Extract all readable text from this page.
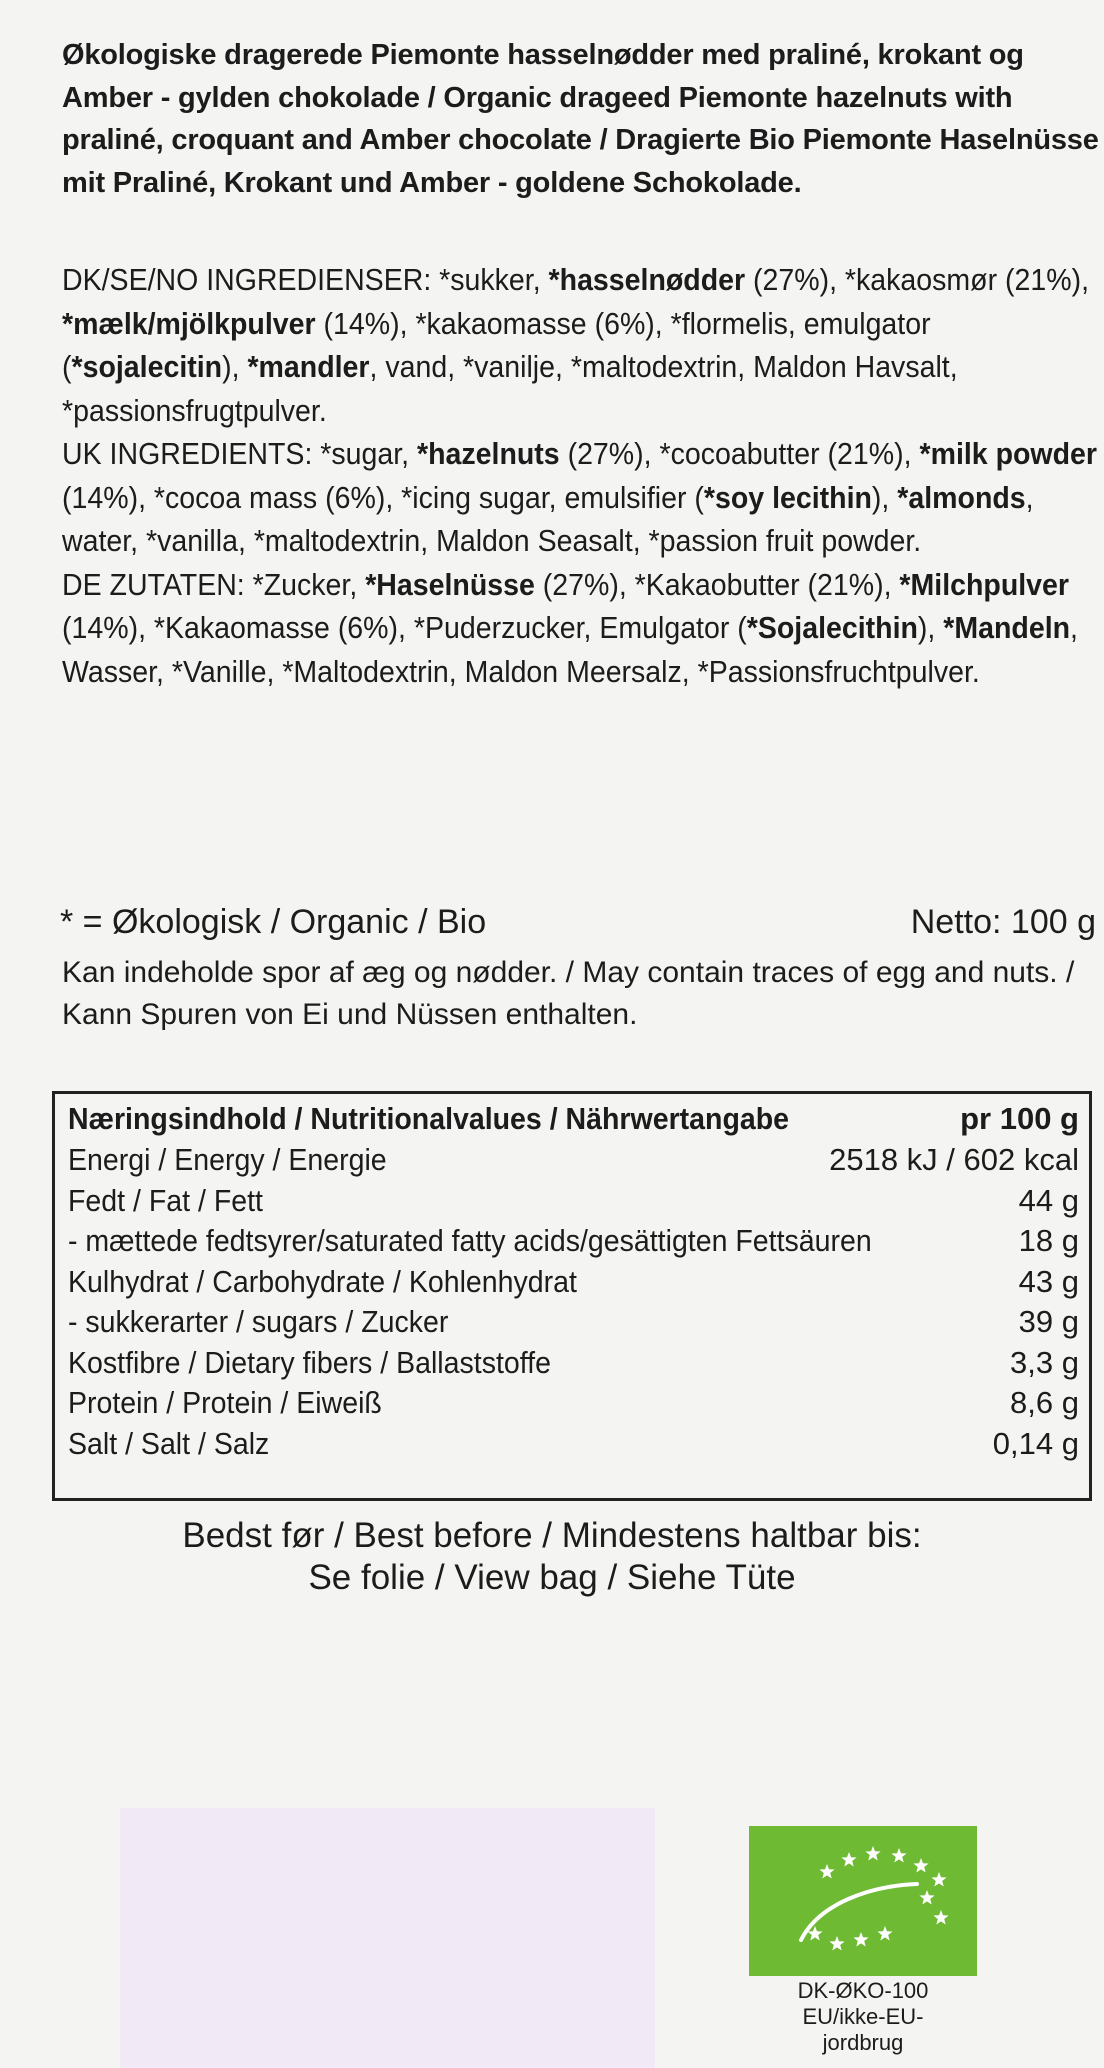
Økologiske dragerede Piemonte hasselnødder med praliné, krokant og Amber - gylden chokolade / Organic drageed Piemonte hazelnuts with praliné, croquant and Amber chocolate / Dragierte Bio Piemonte Haselnüsse mit Praliné, Krokant und Amber - goldene Schokolade.

DK/SE/NO INGREDIENSER: *sukker, *hasselnødder (27%), *kakaosmør (21%), *mælk/mjölkpulver (14%), *kakaomasse (6%), *flormelis, emulgator (*sojalecitin), *mandler, vand, *vanilje, *maltodextrin, Maldon Havsalt, *passionsfrugtpulver.

UK INGREDIENTS: *sugar, *hazelnuts (27%), *cocoabutter (21%), *milk powder (14%), *cocoa mass (6%), *icing sugar, emulsifier (*soy lecithin), *almonds, water, *vanilla, *maltodextrin, Maldon Seasalt, *passion fruit powder.

DE ZUTATEN: *Zucker, *Haselnüsse (27%), *Kakaobutter (21%), *Milchpulver (14%), *Kakaomasse (6%), *Puderzucker, Emulgator (*Sojalecithin), *Mandeln, Wasser, *Vanille, *Maltodextrin, Maldon Meersalz, *Passionsfruchtpulver.

* = Økologisk / Organic / Bio	Netto: 100 g
Kan indeholde spor af æg og nødder. / May contain traces of egg and nuts. / Kann Spuren von Ei und Nüssen enthalten.
Næringsindhold / Nutritionalvalues / Nährwertangabe	pr 100 g
Energi / Energy / Energie	2518 kJ / 602 kcal
Fedt / Fat / Fett	44 g
- mættede fedtsyrer/saturated fatty acids/gesättigten Fettsäuren	18 g
Kulhydrat / Carbohydrate / Kohlenhydrat	43 g
- sukkerarter / sugars / Zucker	39 g
Kostfibre / Dietary fibers / Ballaststoffe	3,3 g
Protein / Protein / Eiweiß	8,6 g
Salt / Salt / Salz	0,14 g
Bedst før / Best before / Mindestens haltbar bis:
Se folie / View bag / Siehe Tüte
DK-ØKO-100
EU/ikke-EU-
jordbrug
